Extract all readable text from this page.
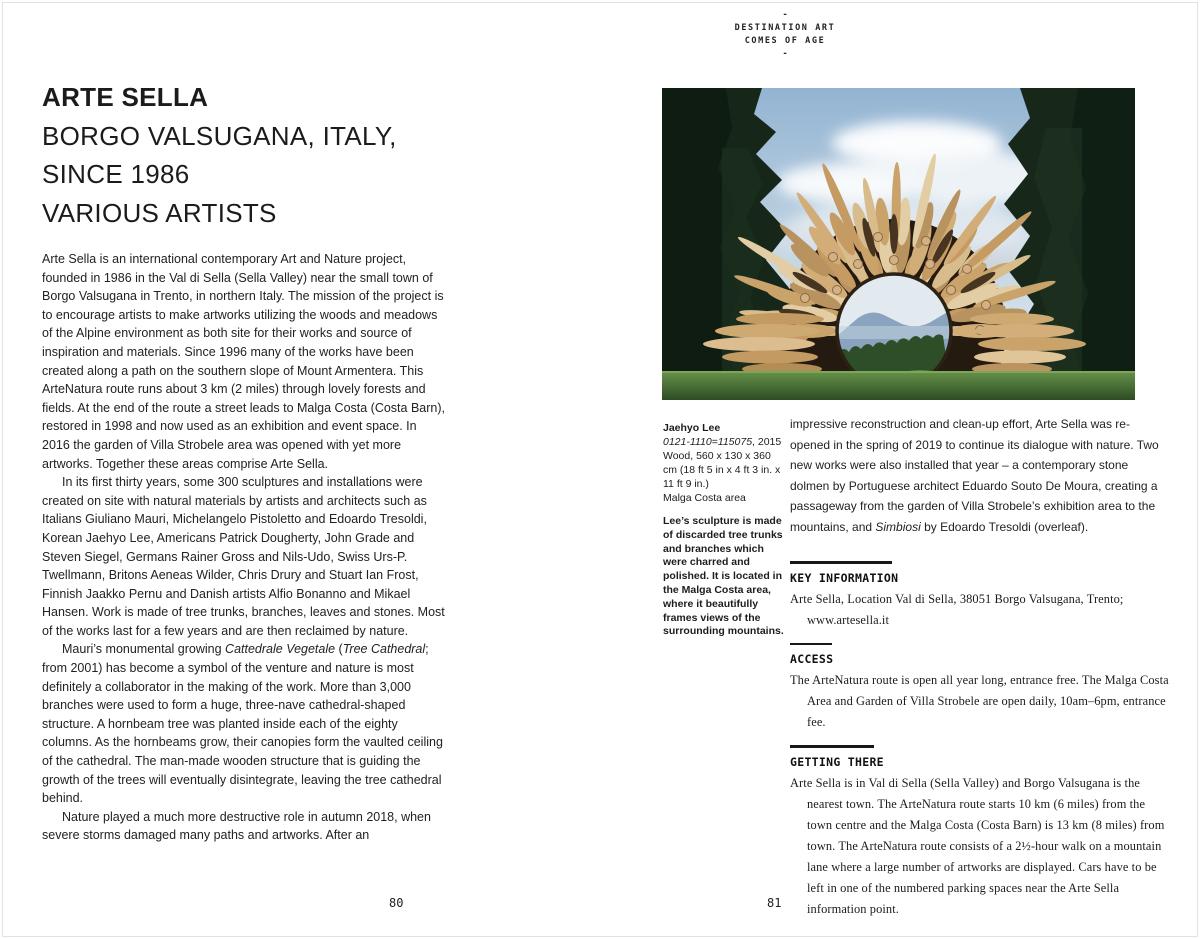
ARTE SELLA
BORGO VALSUGANA, ITALY,
SINCE 1986
VARIOUS ARTISTS

Arte Sella is an international contemporary Art and Nature project, founded in 1986 in the Val di Sella (Sella Valley) near the small town of Borgo Valsugana in Trento, in northern Italy. The mission of the project is to encourage artists to make artworks utilizing the woods and meadows of the Alpine environment as both site for their works and source of inspiration and materials. Since 1996 many of the works have been created along a path on the southern slope of Mount Armentera. This ArteNatura route runs about 3 km (2 miles) through lovely forests and fields. At the end of the route a street leads to Malga Costa (Costa Barn), restored in 1998 and now used as an exhibition and event space. In 2016 the garden of Villa Strobele area was opened with yet more artworks. Together these areas comprise Arte Sella.

In its first thirty years, some 300 sculptures and installations were created on site with natural materials by artists and architects such as Italians Giuliano Mauri, Michelangelo Pistoletto and Edoardo Tresoldi, Korean Jaehyo Lee, Americans Patrick Dougherty, John Grade and Steven Siegel, Germans Rainer Gross and Nils-Udo, Swiss Urs-P. Twellmann, Britons Aeneas Wilder, Chris Drury and Stuart Ian Frost, Finnish Jaakko Pernu and Danish artists Alfio Bonanno and Mikael Hansen. Work is made of tree trunks, branches, leaves and stones. Most of the works last for a few years and are then reclaimed by nature.

Mauri’s monumental growing Cattedrale Vegetale (Tree Cathedral; from 2001) has become a symbol of the venture and nature is most definitely a collaborator in the making of the work. More than 3,000 branches were used to form a huge, three-nave cathedral-shaped structure. A hornbeam tree was planted inside each of the eighty columns. As the hornbeams grow, their canopies form the vaulted ceiling of the cathedral. The man-made wooden structure that is guiding the growth of the trees will eventually disintegrate, leaving the tree cathedral behind.

Nature played a much more destructive role in autumn 2018, when severe storms damaged many paths and artworks. After an

80
-
DESTINATION ART
COMES OF AGE
-
Jaehyo Lee
0121-1110=115075, 2015
Wood, 560 x 130 x 360 cm (18 ft 5 in x 4 ft 3 in. x 11 ft 9 in.)
Malga Costa area
Lee’s sculpture is made of discarded tree trunks and branches which were charred and polished. It is located in the Malga Costa area, where it beautifully frames views of the surrounding mountains.

impressive reconstruction and clean-up effort, Arte Sella was re-opened in the spring of 2019 to continue its dialogue with nature. Two new works were also installed that year – a contemporary stone dolmen by Portuguese architect Eduardo Souto De Moura, creating a passageway from the garden of Villa Strobele’s exhibition area to the mountains, and Simbiosi by Edoardo Tresoldi (overleaf).

KEY INFORMATION

Arte Sella, Location Val di Sella, 38051 Borgo Valsugana, Trento; www.artesella.it

ACCESS

The ArteNatura route is open all year long, entrance free. The Malga Costa Area and Garden of Villa Strobele are open daily, 10am–6pm, entrance fee.

GETTING THERE

Arte Sella is in Val di Sella (Sella Valley) and Borgo Valsugana is the nearest town. The ArteNatura route starts 10 km (6 miles) from the town centre and the Malga Costa (Costa Barn) is 13 km (8 miles) from town. The ArteNatura route consists of a 2½-hour walk on a mountain lane where a large number of artworks are displayed. Cars have to be left in one of the numbered parking spaces near the Arte Sella information point.

81
